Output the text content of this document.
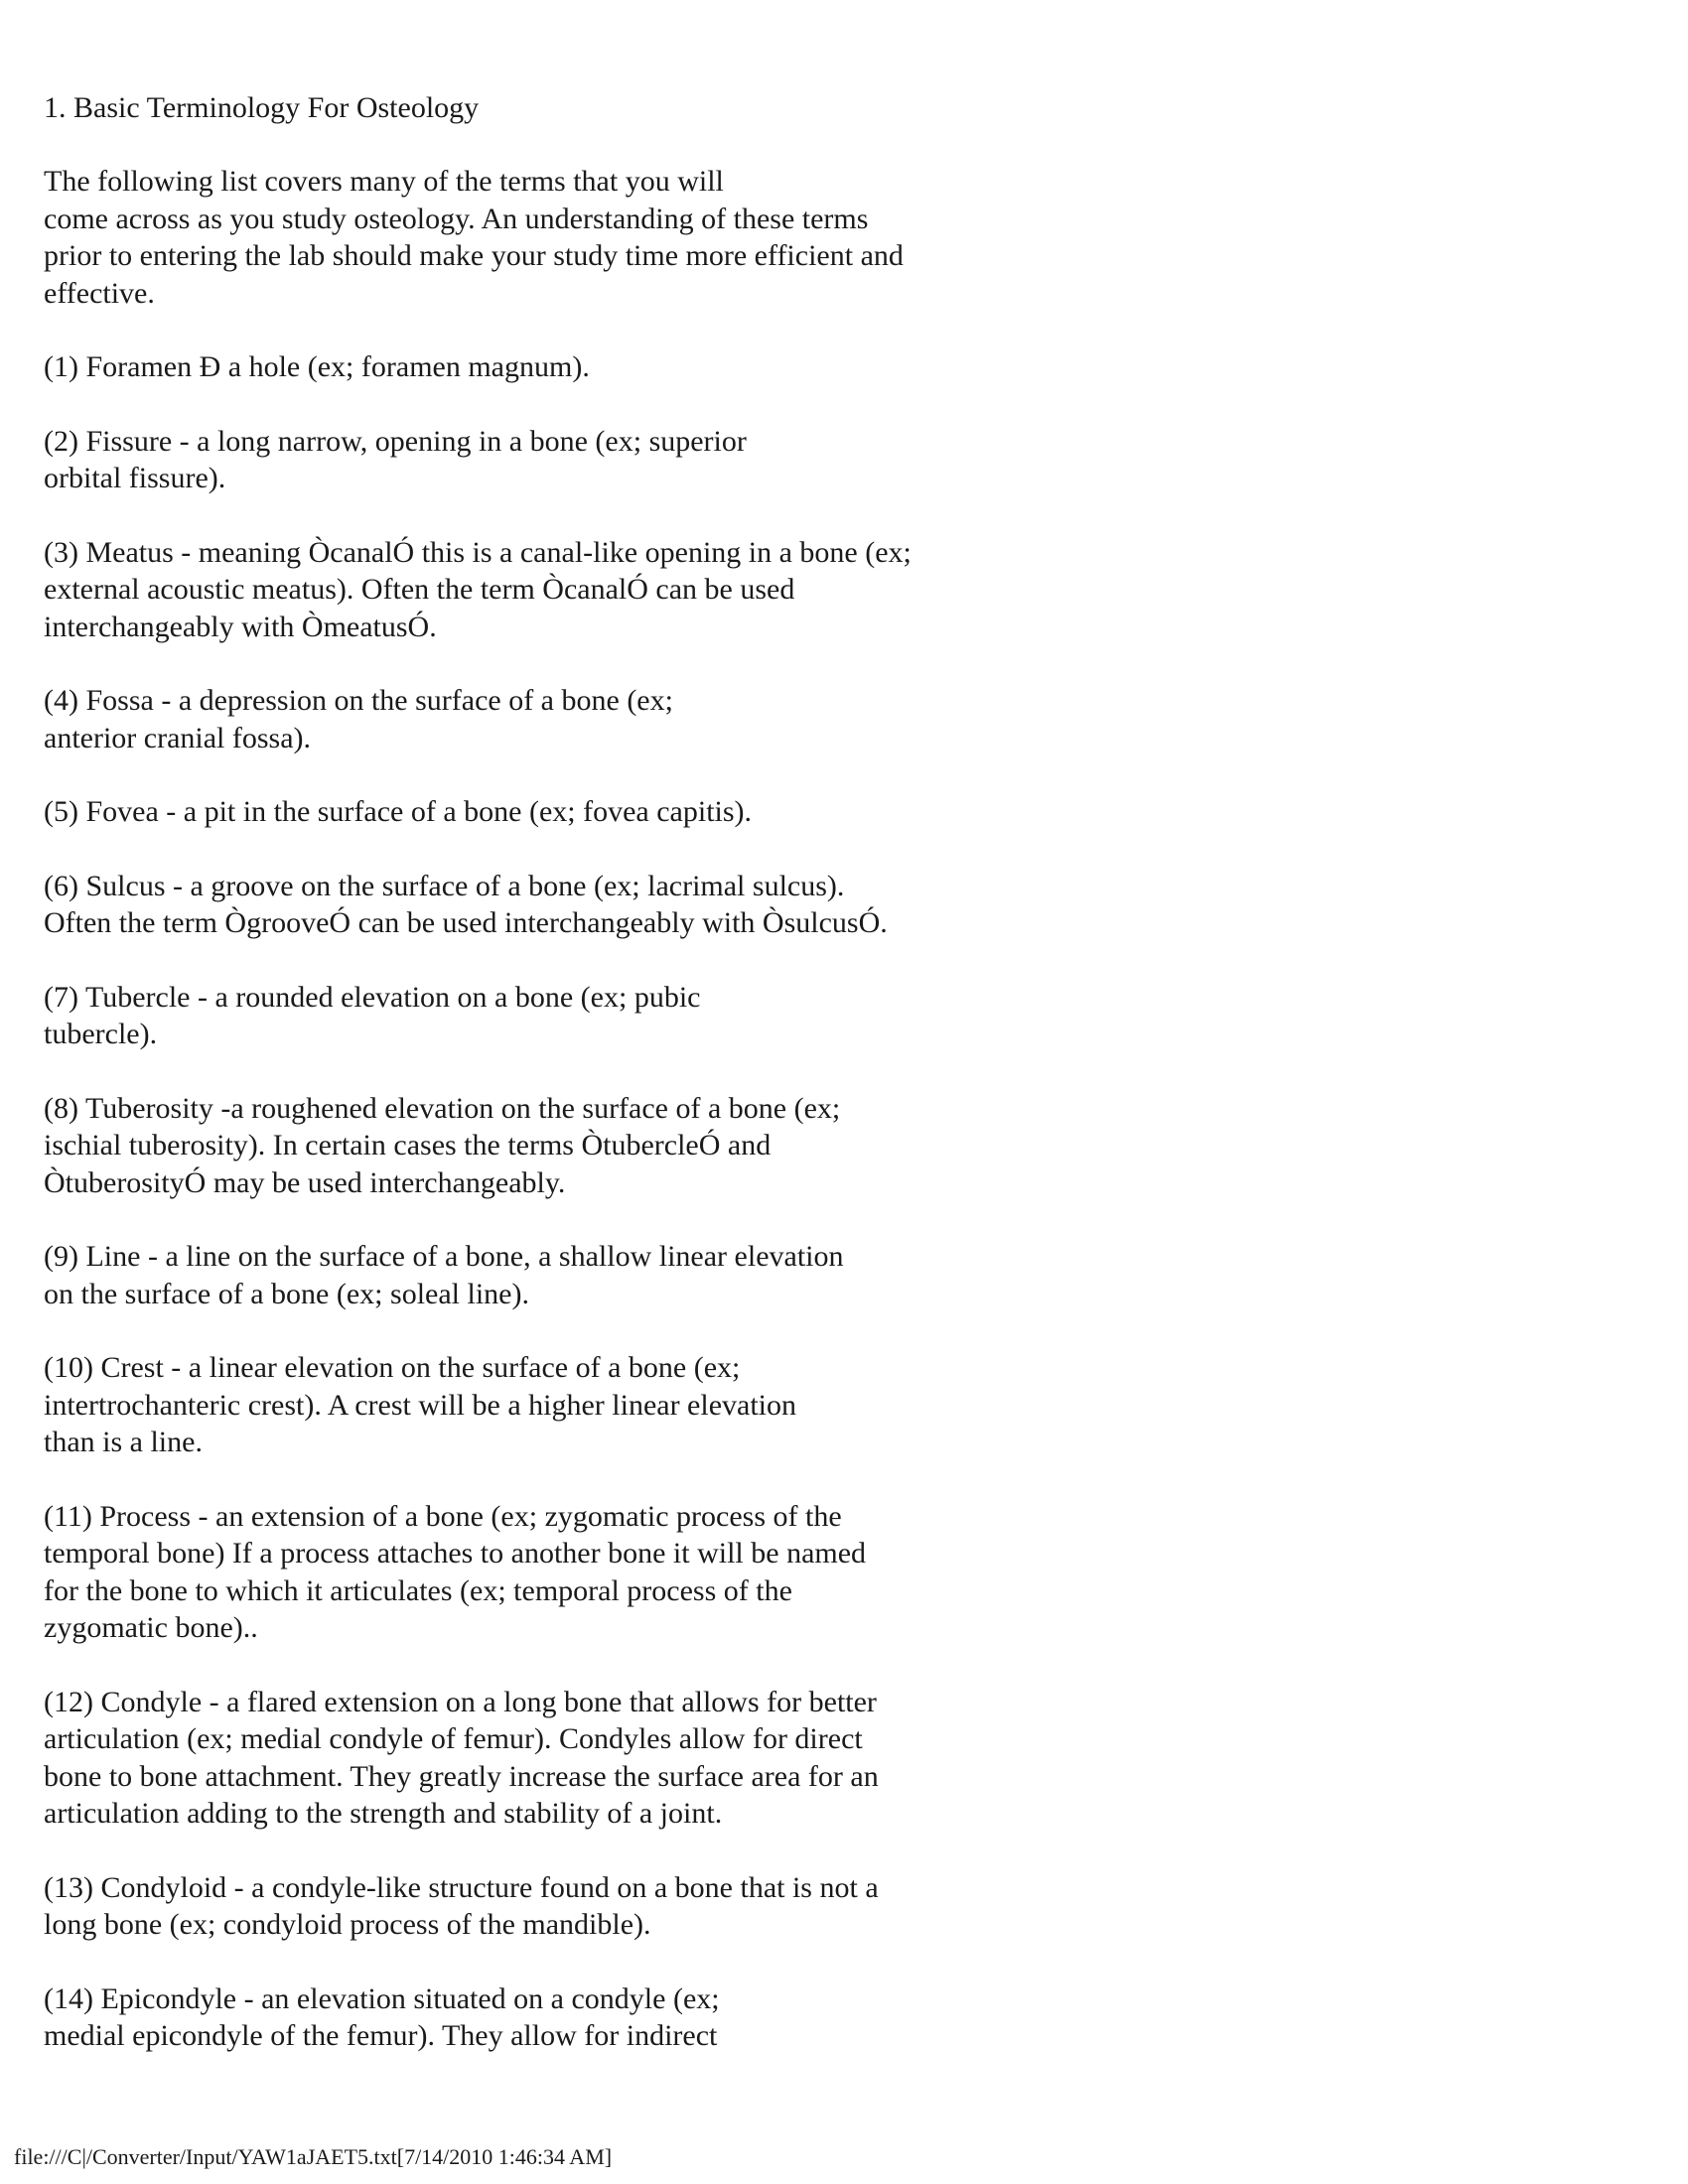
1. Basic Terminology For Osteology
The following list covers many of the terms that you will
come across as you study osteology. An understanding of these terms
prior to entering the lab should make your study time more efficient and
effective.
(1) Foramen Ð a hole (ex; foramen magnum).
(2) Fissure - a long narrow, opening in a bone (ex; superior
orbital fissure).
(3) Meatus - meaning ÒcanalÓ this is a canal-like opening in a bone (ex;
external acoustic meatus). Often the term ÒcanalÓ can be used
interchangeably with ÒmeatusÓ.
(4) Fossa - a depression on the surface of a bone (ex;
anterior cranial fossa).
(5) Fovea - a pit in the surface of a bone (ex; fovea capitis).
(6) Sulcus - a groove on the surface of a bone (ex; lacrimal sulcus).
Often the term ÒgrooveÓ can be used interchangeably with ÒsulcusÓ.
(7) Tubercle - a rounded elevation on a bone (ex; pubic
tubercle).
(8) Tuberosity -a roughened elevation on the surface of a bone (ex;
ischial tuberosity). In certain cases the terms ÒtubercleÓ and
ÒtuberosityÓ may be used interchangeably.
(9) Line - a line on the surface of a bone, a shallow linear elevation
on the surface of a bone (ex; soleal line).
(10) Crest - a linear elevation on the surface of a bone (ex;
intertrochanteric crest). A crest will be a higher linear elevation
than is a line.
(11) Process - an extension of a bone (ex; zygomatic process of the
temporal bone) If a process attaches to another bone it will be named
for the bone to which it articulates (ex; temporal process of the
zygomatic bone)..
(12) Condyle - a flared extension on a long bone that allows for better
articulation (ex; medial condyle of femur). Condyles allow for direct
bone to bone attachment. They greatly increase the surface area for an
articulation adding to the strength and stability of a joint.
(13) Condyloid - a condyle-like structure found on a bone that is not a
long bone (ex; condyloid process of the mandible).
(14) Epicondyle - an elevation situated on a condyle (ex;
medial epicondyle of the femur). They allow for indirect
file:///C|/Converter/Input/YAW1aJAET5.txt[7/14/2010 1:46:34 AM]
